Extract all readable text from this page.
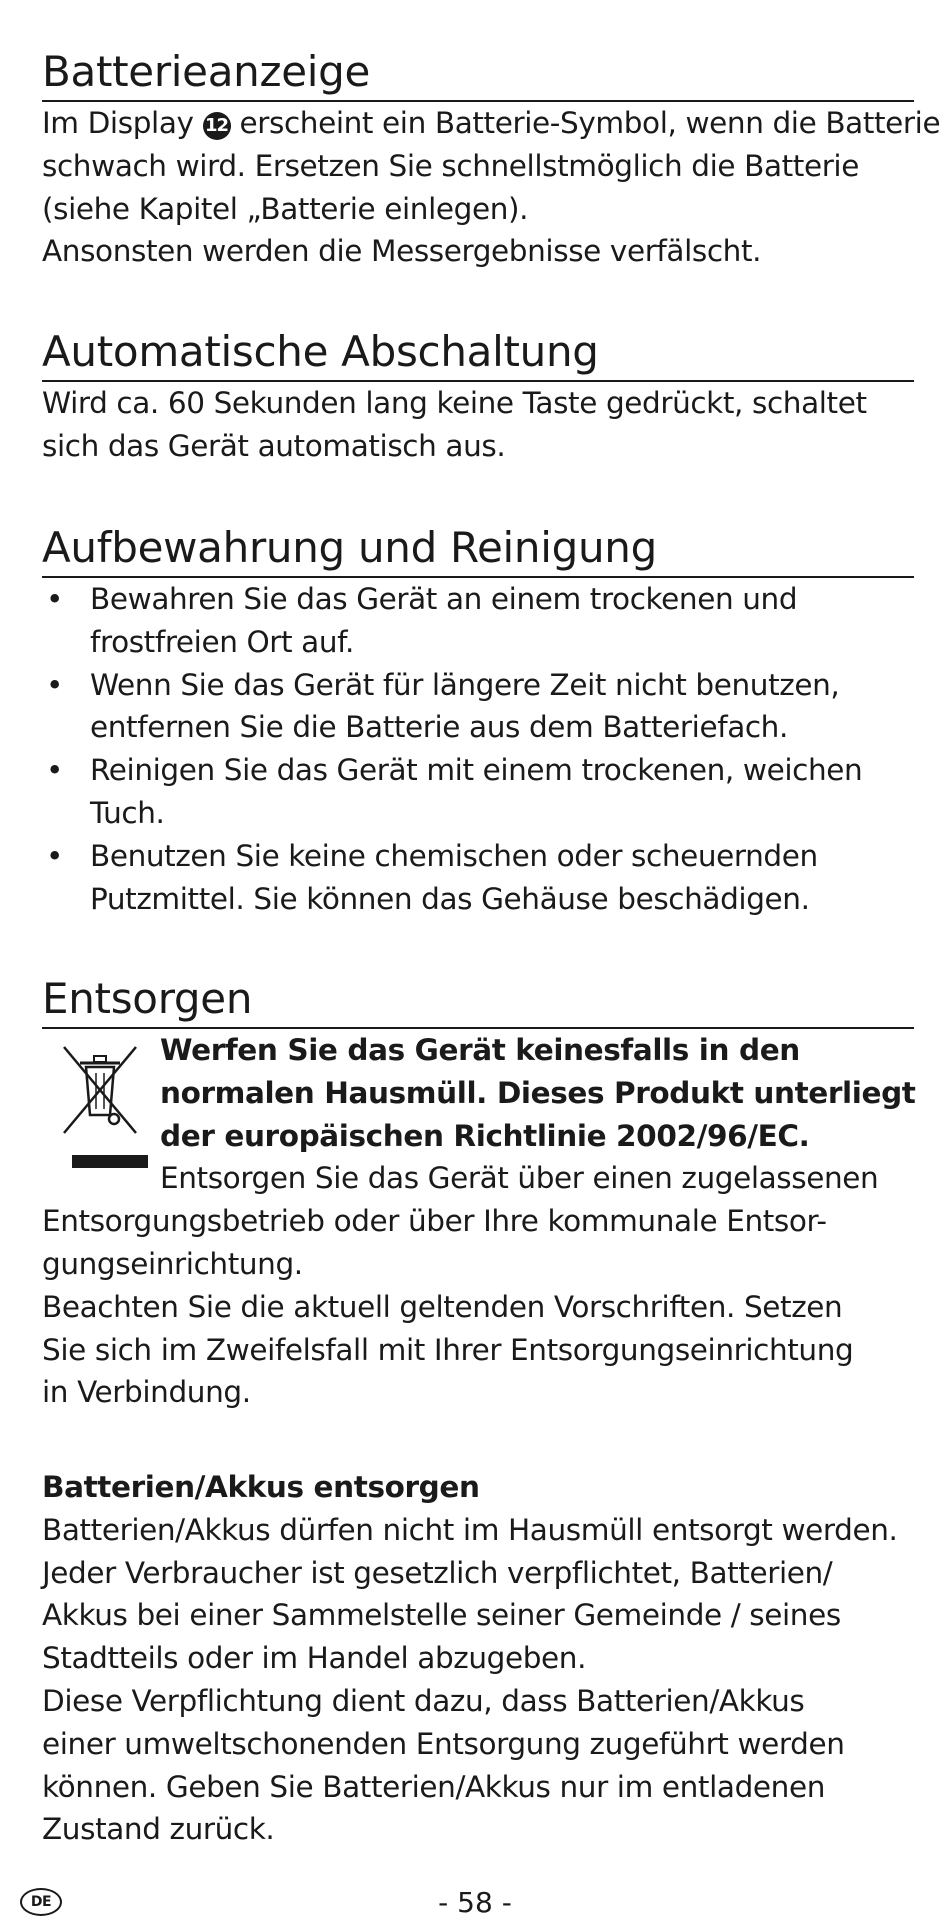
Batterieanzeige
Im Display 12 erscheint ein Batterie-Symbol, wenn die Batterie
schwach wird. Ersetzen Sie schnellstmöglich die Batterie
(siehe Kapitel „Batterie einlegen).
Ansonsten werden die Messergebnisse verfälscht.
Automatische Abschaltung
Wird ca. 60 Sekunden lang keine Taste gedrückt, schaltet
sich das Gerät automatisch aus.
Aufbewahrung und Reinigung
• Bewahren Sie das Gerät an einem trockenen und
frostfreien Ort auf.
• Wenn Sie das Gerät für längere Zeit nicht benutzen,
entfernen Sie die Batterie aus dem Batteriefach.
• Reinigen Sie das Gerät mit einem trockenen, weichen
Tuch.
• Benutzen Sie keine chemischen oder scheuernden
Putzmittel. Sie können das Gehäuse beschädigen.
Entsorgen
Werfen Sie das Gerät keinesfalls in den
normalen Hausmüll. Dieses Produkt unterliegt
der europäischen Richtlinie 2002/96/EC.
Entsorgen Sie das Gerät über einen zugelassenen
Entsorgungsbetrieb oder über Ihre kommunale Entsor-
gungseinrichtung.
Beachten Sie die aktuell geltenden Vorschriften. Setzen
Sie sich im Zweifelsfall mit Ihrer Entsorgungseinrichtung
in Verbindung.
Batterien/Akkus entsorgen
Batterien/Akkus dürfen nicht im Hausmüll entsorgt werden.
Jeder Verbraucher ist gesetzlich verpflichtet, Batterien/
Akkus bei einer Sammelstelle seiner Gemeinde / seines
Stadtteils oder im Handel abzugeben.
Diese Verpflichtung dient dazu, dass Batterien/Akkus
einer umweltschonenden Entsorgung zugeführt werden
können. Geben Sie Batterien/Akkus nur im entladenen
Zustand zurück.
DE	- 58 -
